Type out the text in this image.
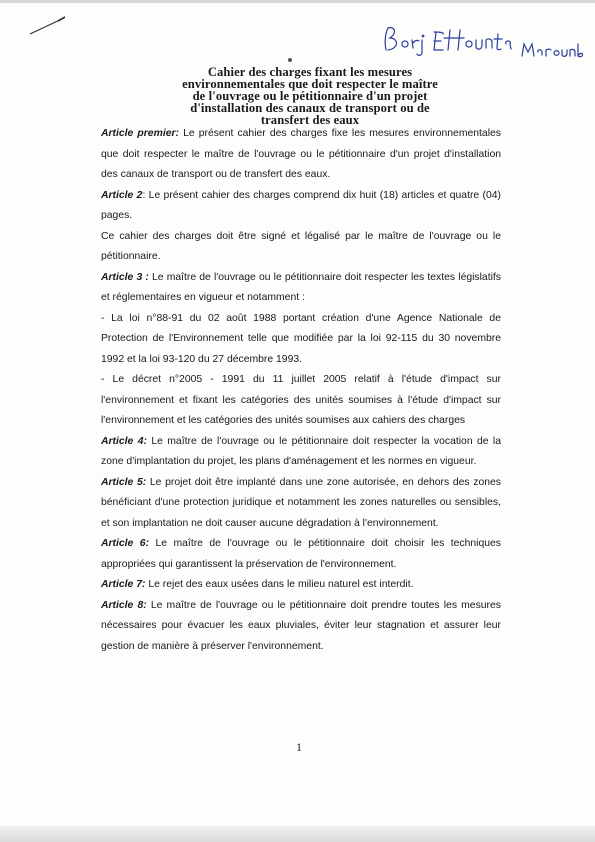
Cahier des charges fixant les mesures
environnementales que doit respecter le maître
de l'ouvrage ou le pétitionnaire d'un projet
d'installation des canaux de transport ou de
transfert des eaux

Article premier: Le présent cahier des charges fixe les mesures environnementales que doit respecter le maître de l'ouvrage ou le pétitionnaire d'un projet d'installation des canaux de transport ou de transfert des eaux.

Article 2: Le présent cahier des charges comprend dix huit (18) articles et quatre (04) pages.

Ce cahier des charges doit être signé et légalisé par le maître de l'ouvrage ou le pétitionnaire.

Article 3 : Le maître de l'ouvrage ou le pétitionnaire doit respecter les textes législatifs et réglementaires en vigueur et notamment :

- La loi n°88-91 du 02 août 1988 portant création d'une Agence Nationale de Protection de l'Environnement telle que modifiée par la loi 92-115 du 30 novembre 1992 et la loi 93-120 du 27 décembre 1993.

- Le décret n°2005 - 1991 du 11 juillet 2005 relatif à l'étude d'impact sur l'environnement et fixant les catégories des unités soumises à l'étude d'impact sur l'environnement et les catégories des unités soumises aux cahiers des charges

Article 4: Le maître de l'ouvrage ou le pétitionnaire doit respecter la vocation de la zone d'implantation du projet, les plans d'aménagement et les normes en vigueur.

Article 5: Le projet doit être implanté dans une zone autorisée, en dehors des zones bénéficiant d'une protection juridique et notamment les zones naturelles ou sensibles, et son implantation ne doit causer aucune dégradation à l'environnement.

Article 6: Le maître de l'ouvrage ou le pétitionnaire doit choisir les techniques appropriées qui garantissent la préservation de l'environnement.

Article 7: Le rejet des eaux usées dans le milieu naturel est interdit.

Article 8: Le maître de l'ouvrage ou le pétitionnaire doit prendre toutes les mesures nécessaires pour évacuer les eaux pluviales, éviter leur stagnation et assurer leur gestion de manière à préserver l'environnement.

1
